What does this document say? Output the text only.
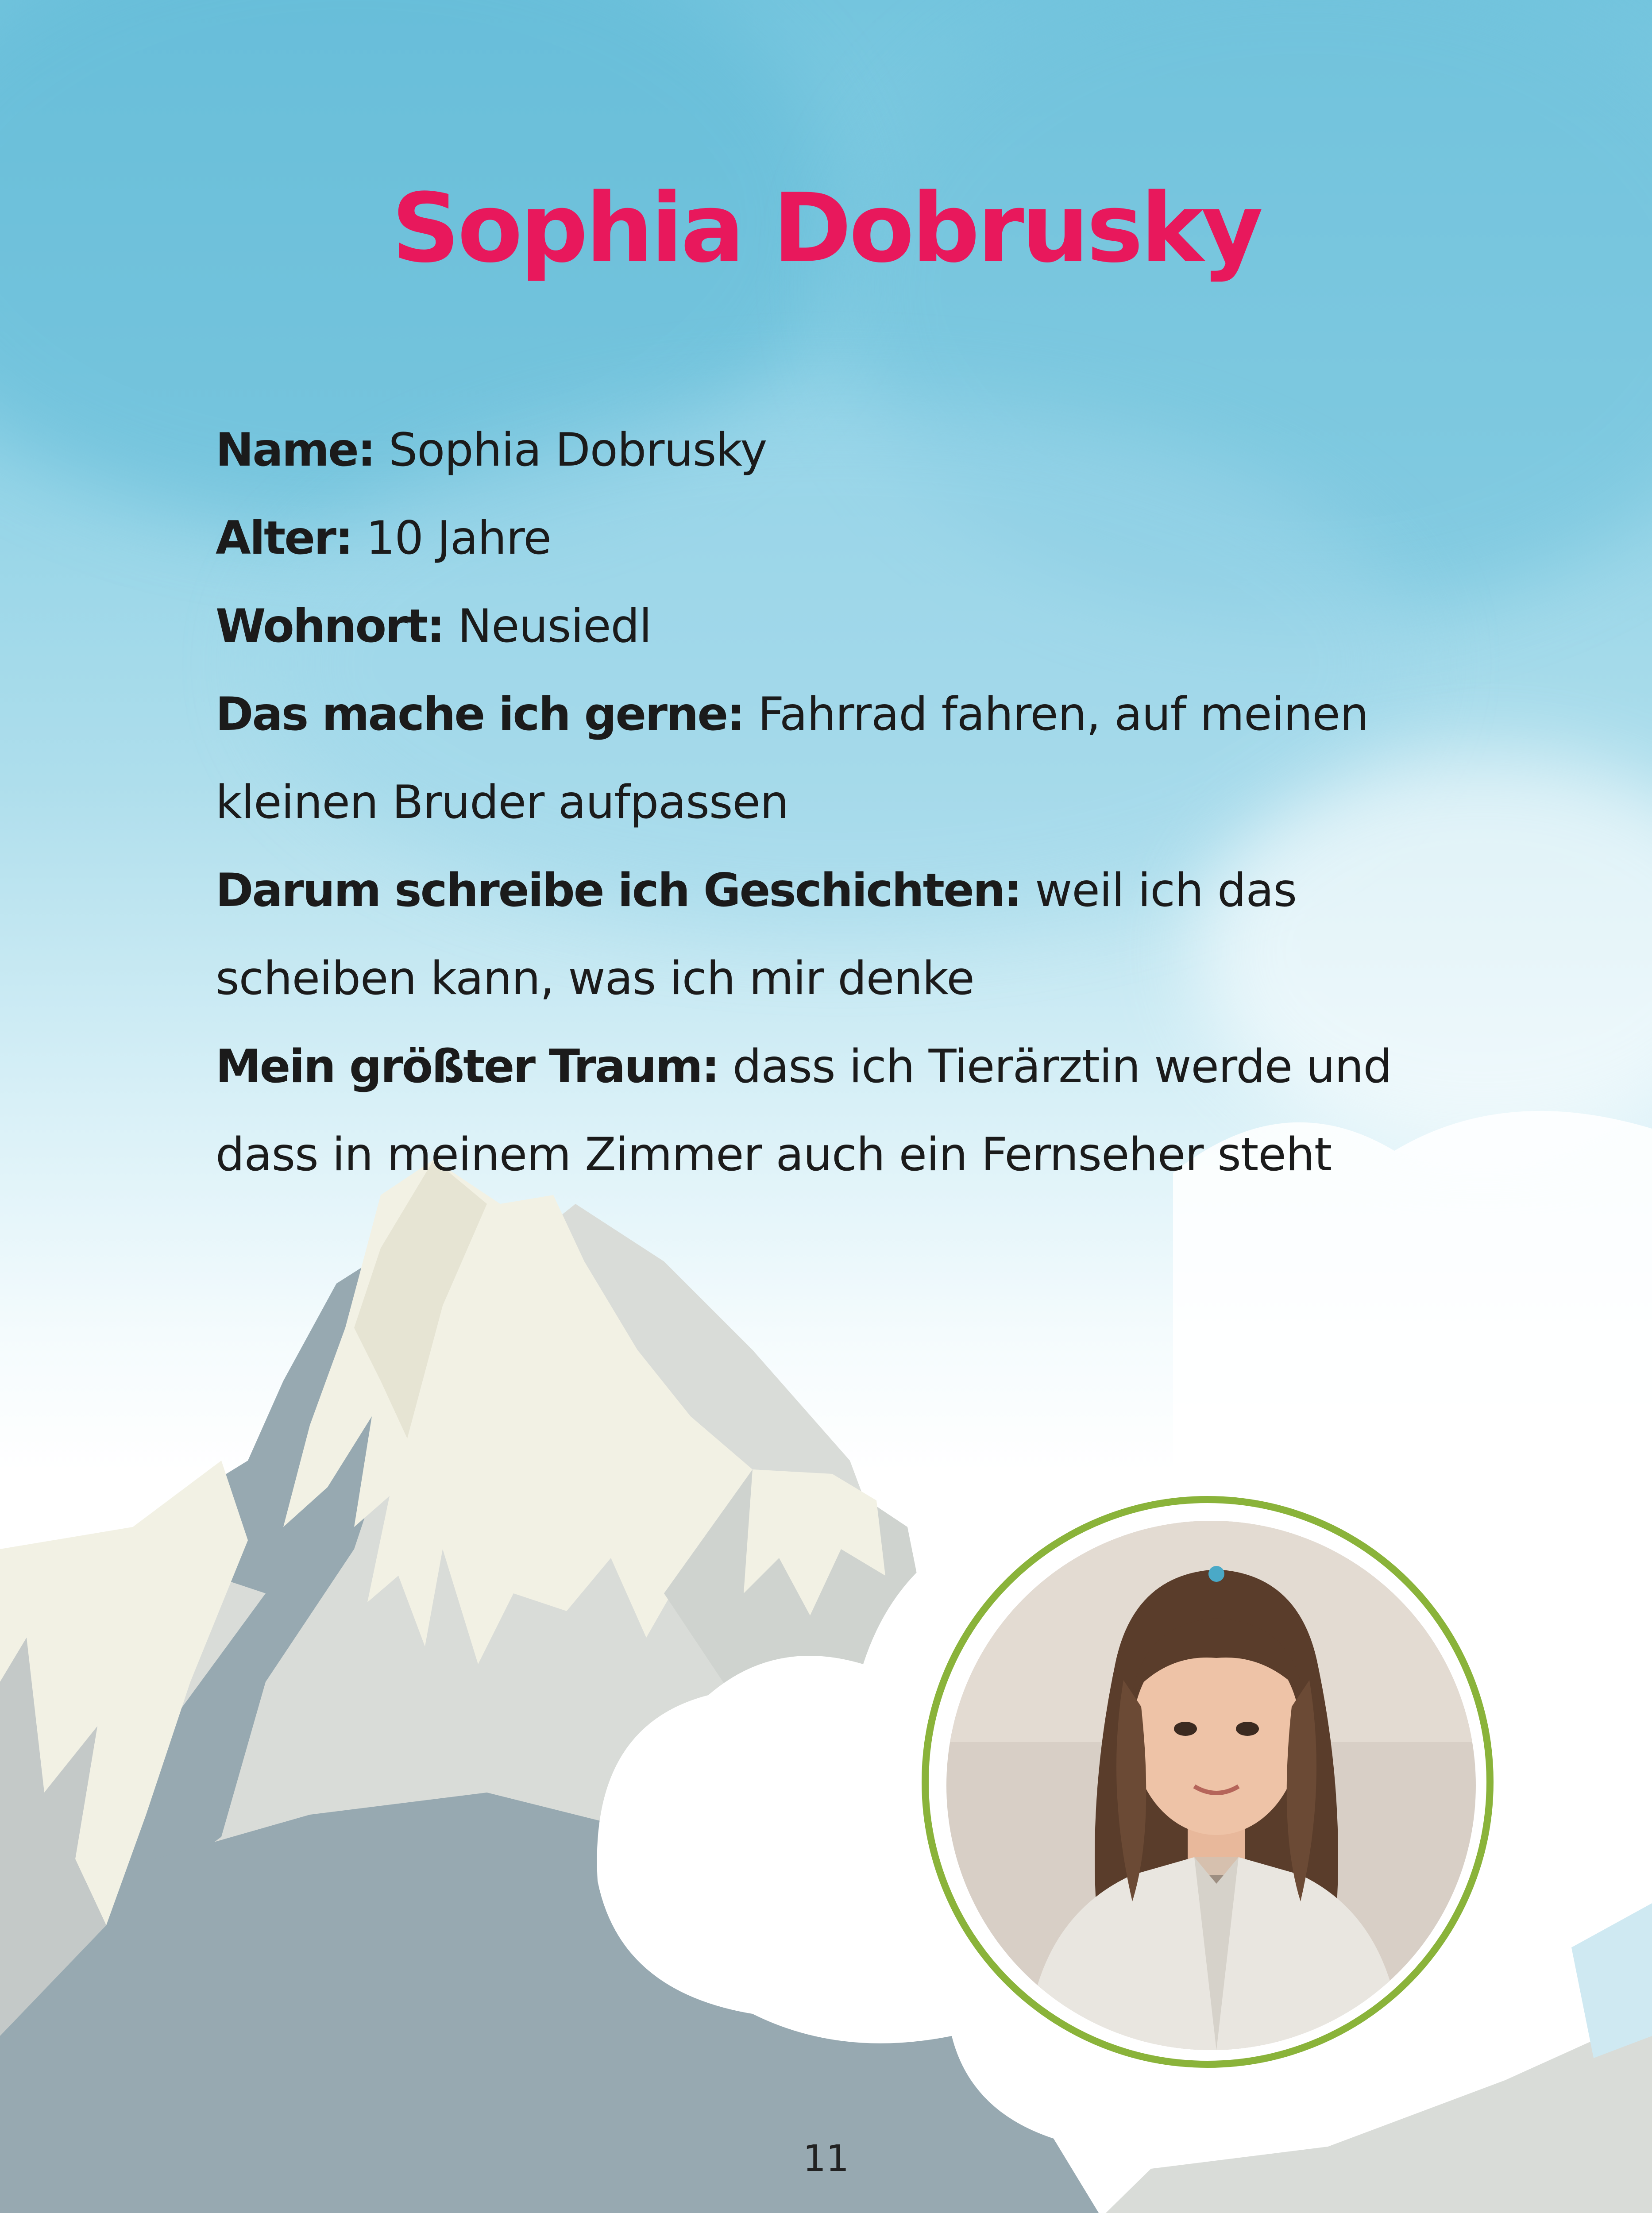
Sophia Dobrusky
Name: Sophia Dobrusky
Alter: 10 Jahre
Wohnort: Neusiedl
Das mache ich gerne: Fahrrad fahren, auf meinen kleinen Bruder aufpassen
Darum schreibe ich Geschichten: weil ich das scheiben kann, was ich mir denke
Mein größter Traum: dass ich Tierärztin werde und dass in meinem Zimmer auch ein Fernseher steht
11
